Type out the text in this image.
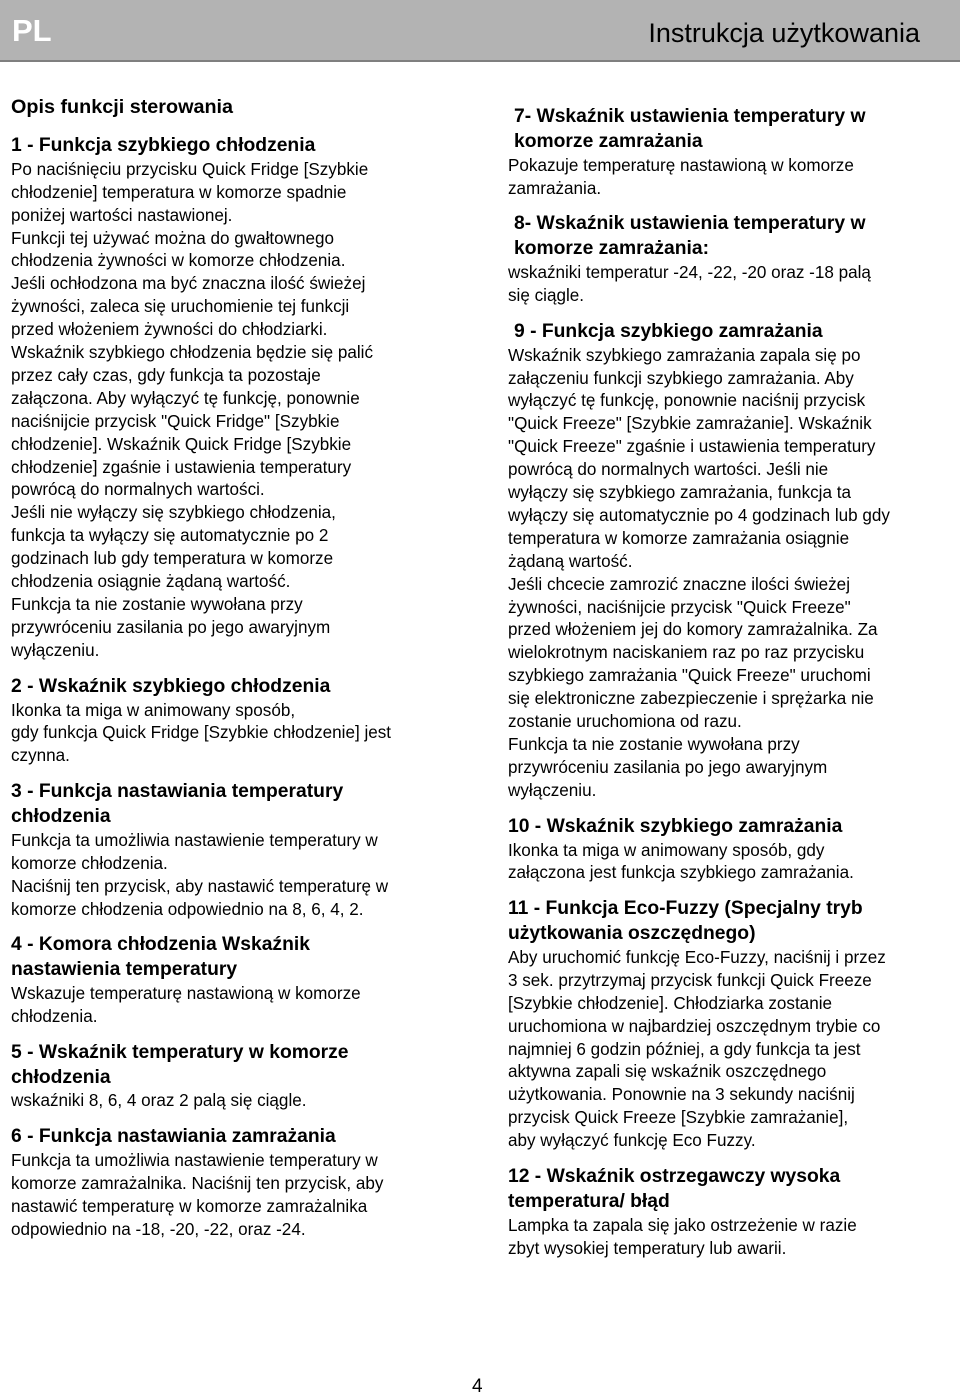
PL	Instrukcja użytkowania
Opis funkcji sterowania
1 - Funkcja szybkiego chłodzenia
Po naciśnięciu przycisku Quick Fridge [Szybkie
chłodzenie] temperatura w komorze spadnie
poniżej wartości nastawionej.
Funkcji tej używać można do gwałtownego
chłodzenia żywności w komorze chłodzenia.
Jeśli ochłodzona ma być znaczna ilość świeżej
żywności, zaleca się uruchomienie tej funkcji
przed włożeniem żywności do chłodziarki.
Wskaźnik szybkiego chłodzenia będzie się palić
przez cały czas, gdy funkcja ta pozostaje
załączona. Aby wyłączyć tę funkcję, ponownie
naciśnijcie przycisk "Quick Fridge" [Szybkie
chłodzenie]. Wskaźnik Quick Fridge [Szybkie
chłodzenie] zgaśnie i ustawienia temperatury
powrócą do normalnych wartości.
Jeśli nie wyłączy się szybkiego chłodzenia,
funkcja ta wyłączy się automatycznie po 2
godzinach lub gdy temperatura w komorze
chłodzenia osiągnie żądaną wartość.
Funkcja ta nie zostanie wywołana przy
przywróceniu zasilania po jego awaryjnym
wyłączeniu.
2 - Wskaźnik szybkiego chłodzenia
Ikonka ta miga w animowany sposób,
gdy funkcja Quick Fridge [Szybkie chłodzenie] jest
czynna.
3 - Funkcja nastawiania temperatury
chłodzenia
Funkcja ta umożliwia nastawienie temperatury w
komorze chłodzenia.
Naciśnij ten przycisk, aby nastawić temperaturę w
komorze chłodzenia odpowiednio na 8, 6, 4, 2.
4 - Komora chłodzenia Wskaźnik
nastawienia temperatury
Wskazuje temperaturę nastawioną w komorze
chłodzenia.
5 - Wskaźnik temperatury w komorze
chłodzenia
wskaźniki 8, 6, 4 oraz 2 palą się ciągle.
6 - Funkcja nastawiania zamrażania
Funkcja ta umożliwia nastawienie temperatury w
komorze zamrażalnika. Naciśnij ten przycisk, aby
nastawić temperaturę w komorze zamrażalnika
odpowiednio na -18, -20, -22, oraz -24.
7- Wskaźnik ustawienia temperatury w
komorze zamrażania
Pokazuje temperaturę nastawioną w komorze
zamrażania.
8- Wskaźnik ustawienia temperatury w
komorze zamrażania:
wskaźniki temperatur -24, -22, -20 oraz -18 palą
się ciągle.
9 - Funkcja szybkiego zamrażania
Wskaźnik szybkiego zamrażania zapala się po
załączeniu funkcji szybkiego zamrażania. Aby
wyłączyć tę funkcję, ponownie naciśnij przycisk
"Quick Freeze" [Szybkie zamrażanie]. Wskaźnik
"Quick Freeze" zgaśnie i ustawienia temperatury
powrócą do normalnych wartości. Jeśli nie
wyłączy się szybkiego zamrażania, funkcja ta
wyłączy się automatycznie po 4 godzinach lub gdy
temperatura w komorze zamrażania osiągnie
żądaną wartość.
Jeśli chcecie zamrozić znaczne ilości świeżej
żywności, naciśnijcie przycisk "Quick Freeze"
przed włożeniem jej do komory zamrażalnika. Za
wielokrotnym naciskaniem raz po raz przycisku
szybkiego zamrażania "Quick Freeze" uruchomi
się elektroniczne zabezpieczenie i sprężarka nie
zostanie uruchomiona od razu.
Funkcja ta nie zostanie wywołana przy
przywróceniu zasilania po jego awaryjnym
wyłączeniu.
10 - Wskaźnik szybkiego zamrażania
Ikonka ta miga w animowany sposób, gdy
załączona jest funkcja szybkiego zamrażania.
11 - Funkcja Eco-Fuzzy (Specjalny tryb
użytkowania oszczędnego)
Aby uruchomić funkcję Eco-Fuzzy, naciśnij i przez
3 sek. przytrzymaj przycisk funkcji Quick Freeze
[Szybkie chłodzenie]. Chłodziarka zostanie
uruchomiona w najbardziej oszczędnym trybie co
najmniej 6 godzin później, a gdy funkcja ta jest
aktywna zapali się wskaźnik oszczędnego
użytkowania. Ponownie na 3 sekundy naciśnij
przycisk Quick Freeze [Szybkie zamrażanie],
aby wyłączyć funkcję Eco Fuzzy.
12 - Wskaźnik ostrzegawczy wysoka
temperatura/ błąd
Lampka ta zapala się jako ostrzeżenie w razie
zbyt wysokiej temperatury lub awarii.
4
